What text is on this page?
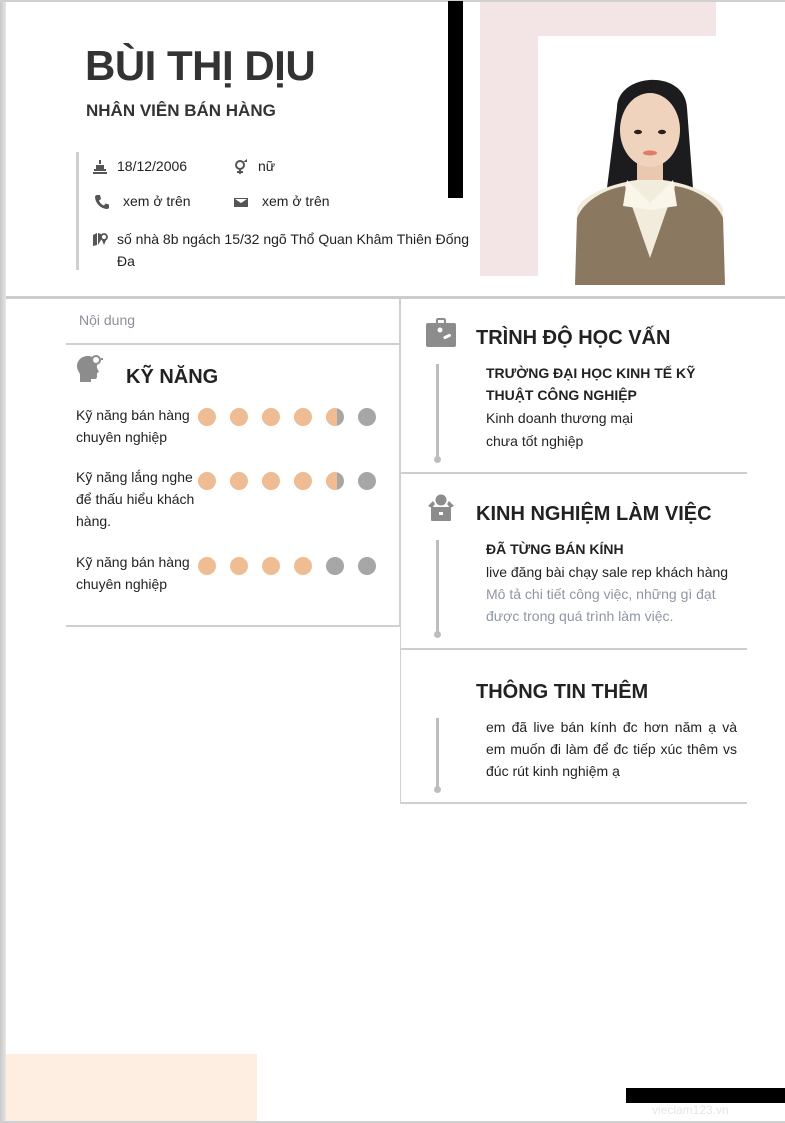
BÙI THỊ DỊU
NHÂN VIÊN BÁN HÀNG
18/12/2006	nữ
xem ở trên	xem ở trên
số nhà 8b ngách 15/32 ngõ Thổ Quan Khâm Thiên Đống Đa
Nội dung
KỸ NĂNG
Kỹ năng bán hàng chuyên nghiệp
Kỹ năng lắng nghe để thấu hiểu khách hàng.
Kỹ năng bán hàng chuyên nghiệp
TRÌNH ĐỘ HỌC VẤN
TRƯỜNG ĐẠI HỌC KINH TẾ KỸ THUẬT CÔNG NGHIỆP
Kinh doanh thương mại
chưa tốt nghiệp
KINH NGHIỆM LÀM VIỆC
ĐÃ TỪNG BÁN KÍNH
live đăng bài chạy sale rep khách hàng
Mô tả chi tiết công việc, những gì đạt được trong quá trình làm việc.
THÔNG TIN THÊM
em đã live bán kính đc hơn năm ạ và em muốn đi làm để đc tiếp xúc thêm vs đúc rút kinh nghiệm ạ
vieclam123.vn
